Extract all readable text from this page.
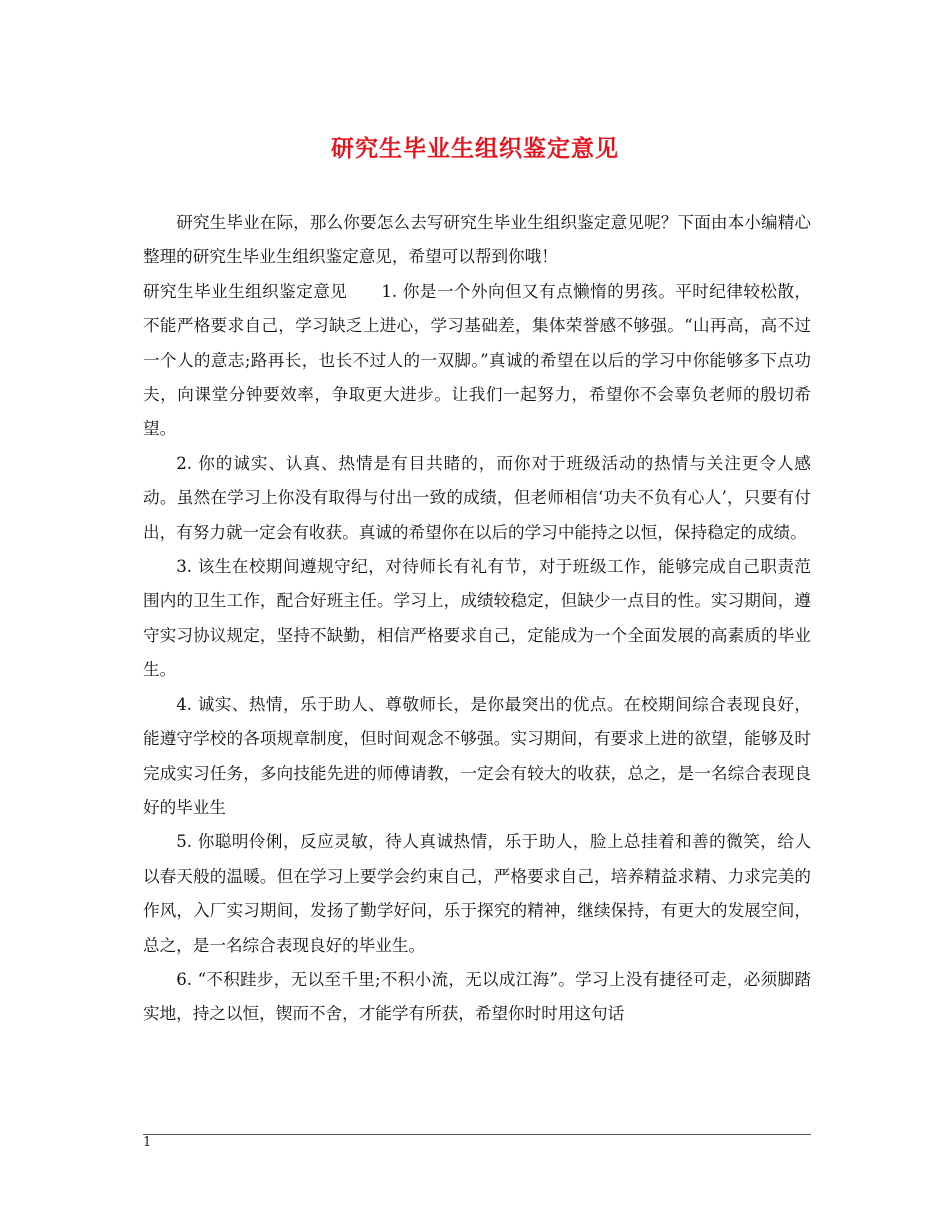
研究生毕业生组织鉴定意见

研究生毕业在际，那么你要怎么去写研究生毕业生组织鉴定意见呢？下面由本小编精心整理的研究生毕业生组织鉴定意见，希望可以帮到你哦！

研究生毕业生组织鉴定意见　　1. 你是一个外向但又有点懒惰的男孩。平时纪律较松散，不能严格要求自己，学习缺乏上进心，学习基础差，集体荣誉感不够强。“山再高，高不过一个人的意志;路再长，也长不过人的一双脚。”真诚的希望在以后的学习中你能够多下点功夫，向课堂分钟要效率，争取更大进步。让我们一起努力，希望你不会辜负老师的殷切希望。

2. 你的诚实、认真、热情是有目共睹的，而你对于班级活动的热情与关注更令人感动。虽然在学习上你没有取得与付出一致的成绩，但老师相信‘功夫不负有心人’，只要有付出，有努力就一定会有收获。真诚的希望你在以后的学习中能持之以恒，保持稳定的成绩。

3. 该生在校期间遵规守纪，对待师长有礼有节，对于班级工作，能够完成自己职责范围内的卫生工作，配合好班主任。学习上，成绩较稳定，但缺少一点目的性。实习期间，遵守实习协议规定，坚持不缺勤，相信严格要求自己，定能成为一个全面发展的高素质的毕业生。

4. 诚实、热情，乐于助人、尊敬师长，是你最突出的优点。在校期间综合表现良好，能遵守学校的各项规章制度，但时间观念不够强。实习期间，有要求上进的欲望，能够及时完成实习任务，多向技能先进的师傅请教，一定会有较大的收获，总之，是一名综合表现良好的毕业生

5. 你聪明伶俐，反应灵敏，待人真诚热情，乐于助人，脸上总挂着和善的微笑，给人以春天般的温暖。但在学习上要学会约束自己，严格要求自己，培养精益求精、力求完美的作风，入厂实习期间，发扬了勤学好问，乐于探究的精神，继续保持，有更大的发展空间，总之，是一名综合表现良好的毕业生。

6. “不积跬步，无以至千里;不积小流，无以成江海”。学习上没有捷径可走，必须脚踏实地，持之以恒，锲而不舍，才能学有所获，希望你时时用这句话

1
